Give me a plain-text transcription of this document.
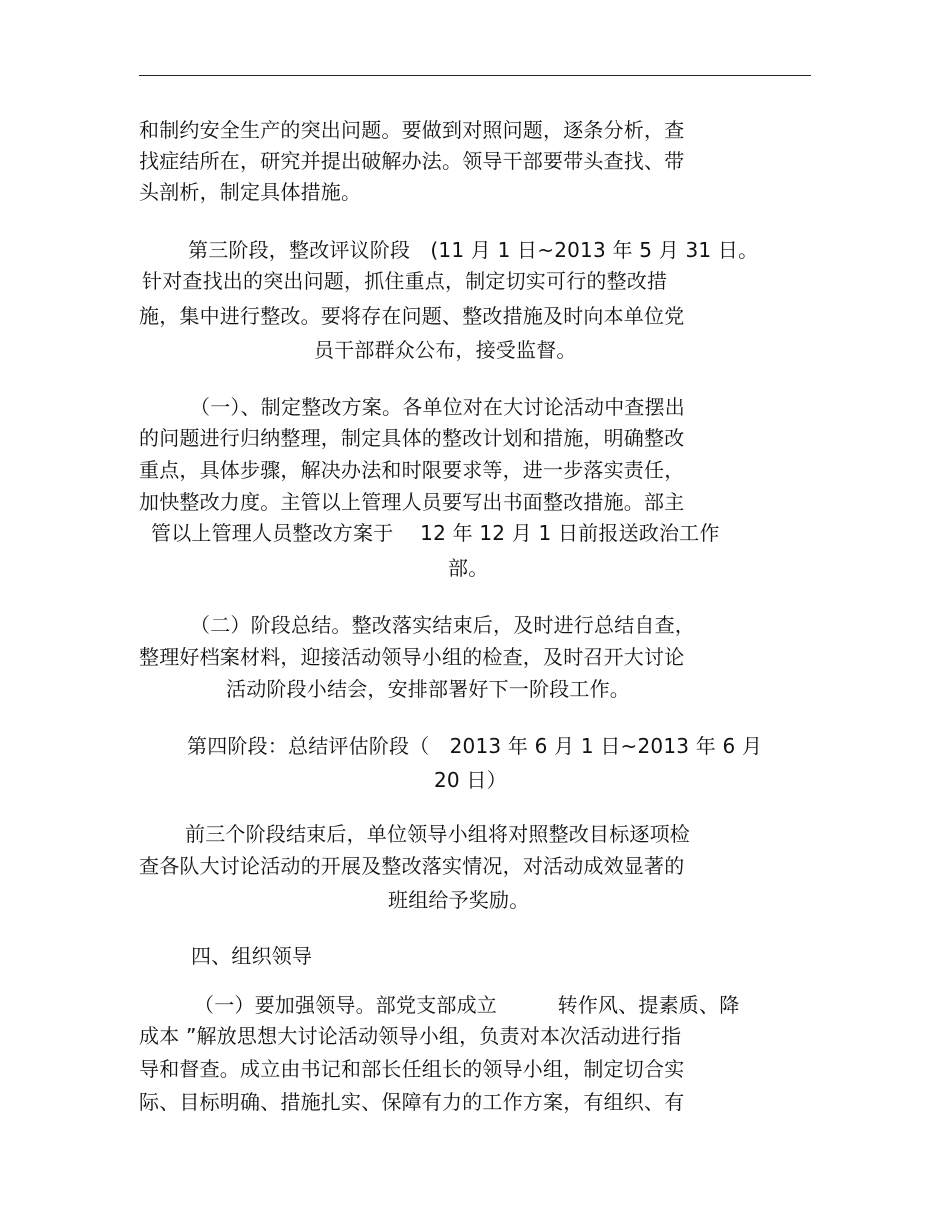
和制约安全生产的突出问题。要做到对照问题，逐条分析，查
找症结所在，研究并提出破解办法。领导干部要带头查找、带
头剖析，制定具体措施。
第三阶段，整改评议阶段　(11 月 1 日~2013 年 5 月 31 日。
针对查找出的突出问题，抓住重点，制定切实可行的整改措
施，集中进行整改。要将存在问题、整改措施及时向本单位党
员干部群众公布，接受监督。
（一）、制定整改方案。各单位对在大讨论活动中查摆出
的问题进行归纳整理，制定具体的整改计划和措施，明确整改
重点，具体步骤，解决办法和时限要求等，进一步落实责任，
加快整改力度。主管以上管理人员要写出书面整改措施。部主
管以上管理人员整改方案于　 12 年 12 月 1 日前报送政治工作
部。
（二）阶段总结。整改落实结束后，及时进行总结自查，
整理好档案材料，迎接活动领导小组的检查，及时召开大讨论
活动阶段小结会，安排部署好下一阶段工作。
第四阶段：总结评估阶段（　2013 年 6 月 1 日~2013 年 6 月
20 日）
前三个阶段结束后，单位领导小组将对照整改目标逐项检
查各队大讨论活动的开展及整改落实情况，对活动成效显著的
班组给予奖励。
四、组织领导
（一）要加强领导。部党支部成立　　　转作风、提素质、降
成本 ”解放思想大讨论活动领导小组，负责对本次活动进行指
导和督查。成立由书记和部长任组长的领导小组，制定切合实
际、目标明确、措施扎实、保障有力的工作方案，有组织、有
